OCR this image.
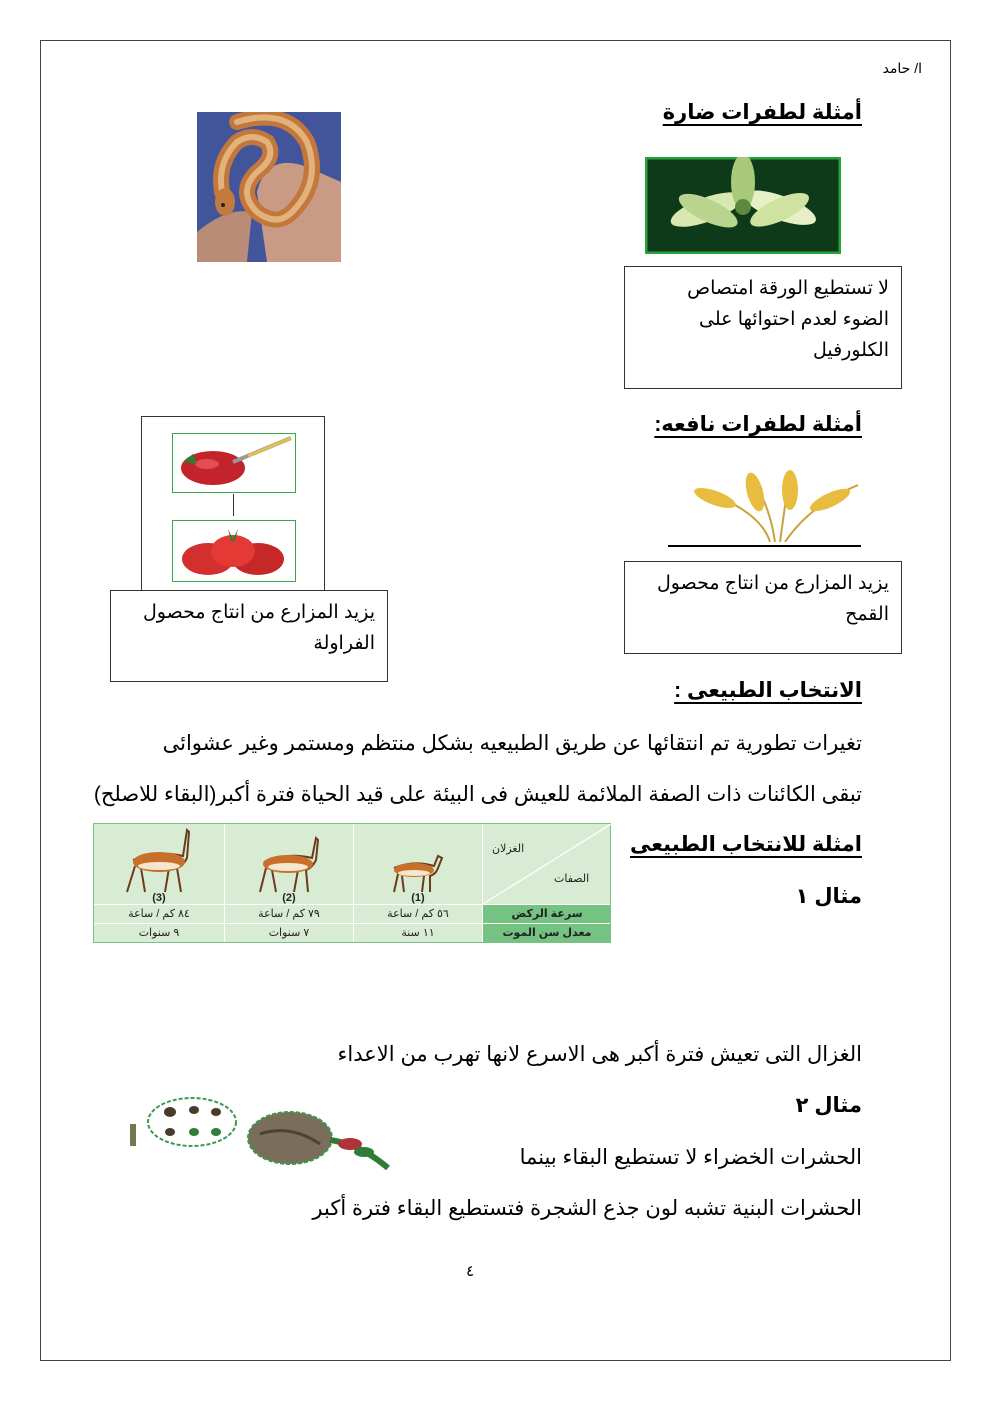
ا/ حامد
أمثلة لطفرات ضارة
لا تستطيع الورقة امتصاص
الضوء لعدم احتوائها على
الكلورفيل
أمثلة لطفرات نافعه:
يزيد المزارع من انتاج محصول
القمح
يزيد المزارع من انتاج محصول
الفراولة
الانتخاب الطبيعى :
تغيرات تطورية تم انتقائها عن طريق الطبيعيه بشكل منتظم ومستمر وغير عشوائى
تبقى الكائنات ذات الصفة الملائمة للعيش فى البيئة على قيد الحياة فترة أكبر(البقاء للاصلح)
امثلة للانتخاب الطبيعى
مثال ١
الغزلان
الصفات
(1)
(2)
(3)
سرعة الركض
٥٦ كم / ساعة
٧٩ كم / ساعة
٨٤ كم / ساعة
معدل سن الموت
١١ سنة
٧ سنوات
٩ سنوات
الغزال التى تعيش فترة أكبر هى الاسرع لانها تهرب من الاعداء
مثال ٢
الحشرات الخضراء لا تستطيع البقاء بينما
الحشرات البنية تشبه لون جذع الشجرة فتستطيع البقاء فترة أكبر
٤
